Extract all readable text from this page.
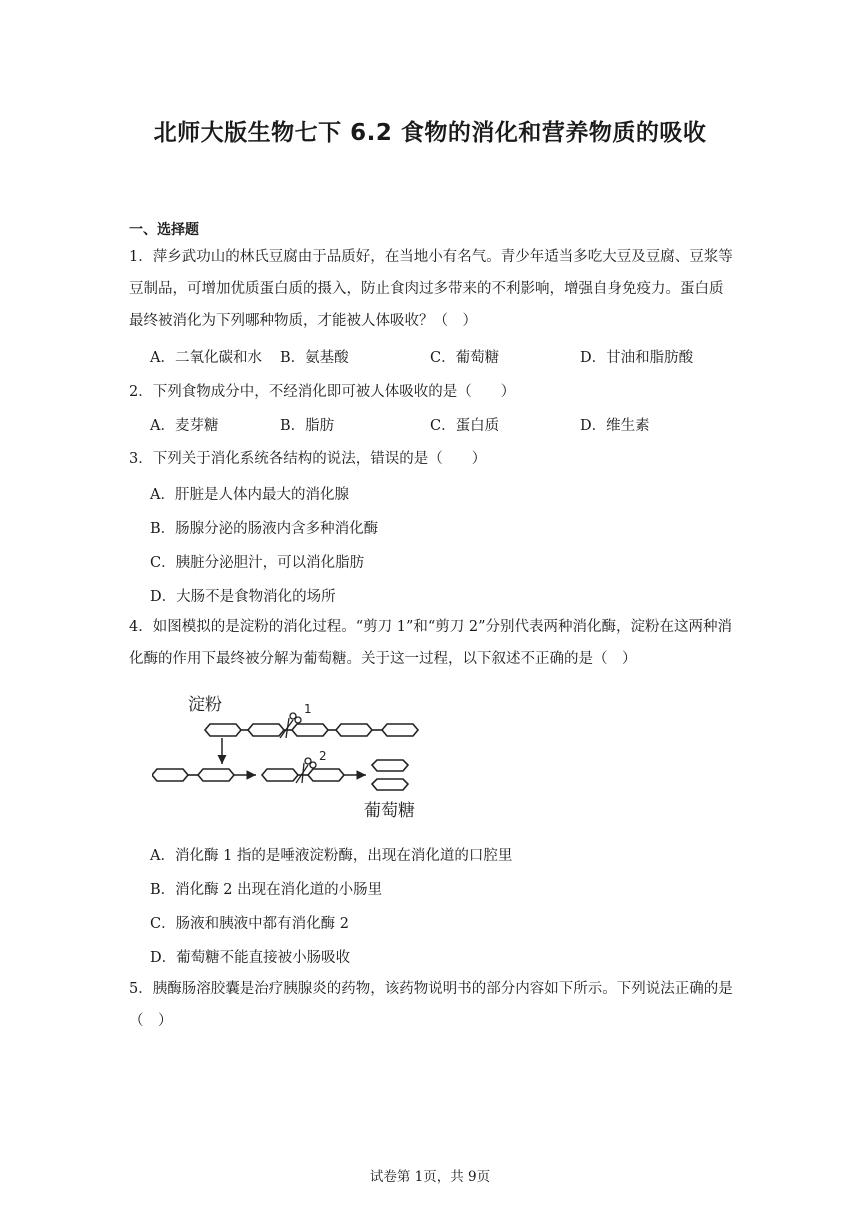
北师大版生物七下 6.2 食物的消化和营养物质的吸收
一、选择题
1．萍乡武功山的林氏豆腐由于品质好，在当地小有名气。青少年适当多吃大豆及豆腐、豆浆等豆制品，可增加优质蛋白质的摄入，防止食肉过多带来的不利影响，增强自身免疫力。蛋白质最终被消化为下列哪种物质，才能被人体吸收？（　）
A．二氧化碳和水 B．氨基酸	C．葡萄糖	D．甘油和脂肪酸
2．下列食物成分中，不经消化即可被人体吸收的是（　　）
A．麦芽糖	B．脂肪	C．蛋白质	D．维生素
3．下列关于消化系统各结构的说法，错误的是（　　）
A．肝脏是人体内最大的消化腺
B．肠腺分泌的肠液内含多种消化酶
C．胰脏分泌胆汁，可以消化脂肪
D．大肠不是食物消化的场所
4．如图模拟的是淀粉的消化过程。“剪刀 1”和“剪刀 2”分别代表两种消化酶，淀粉在这两种消化酶的作用下最终被分解为葡萄糖。关于这一过程，以下叙述不正确的是（　）
淀粉	1
2
葡萄糖
A．消化酶 1 指的是唾液淀粉酶，出现在消化道的口腔里
B．消化酶 2 出现在消化道的小肠里
C．肠液和胰液中都有消化酶 2
D．葡萄糖不能直接被小肠吸收
5．胰酶肠溶胶囊是治疗胰腺炎的药物，该药物说明书的部分内容如下所示。下列说法正确的是（　）
试卷第 1页，共 9页
